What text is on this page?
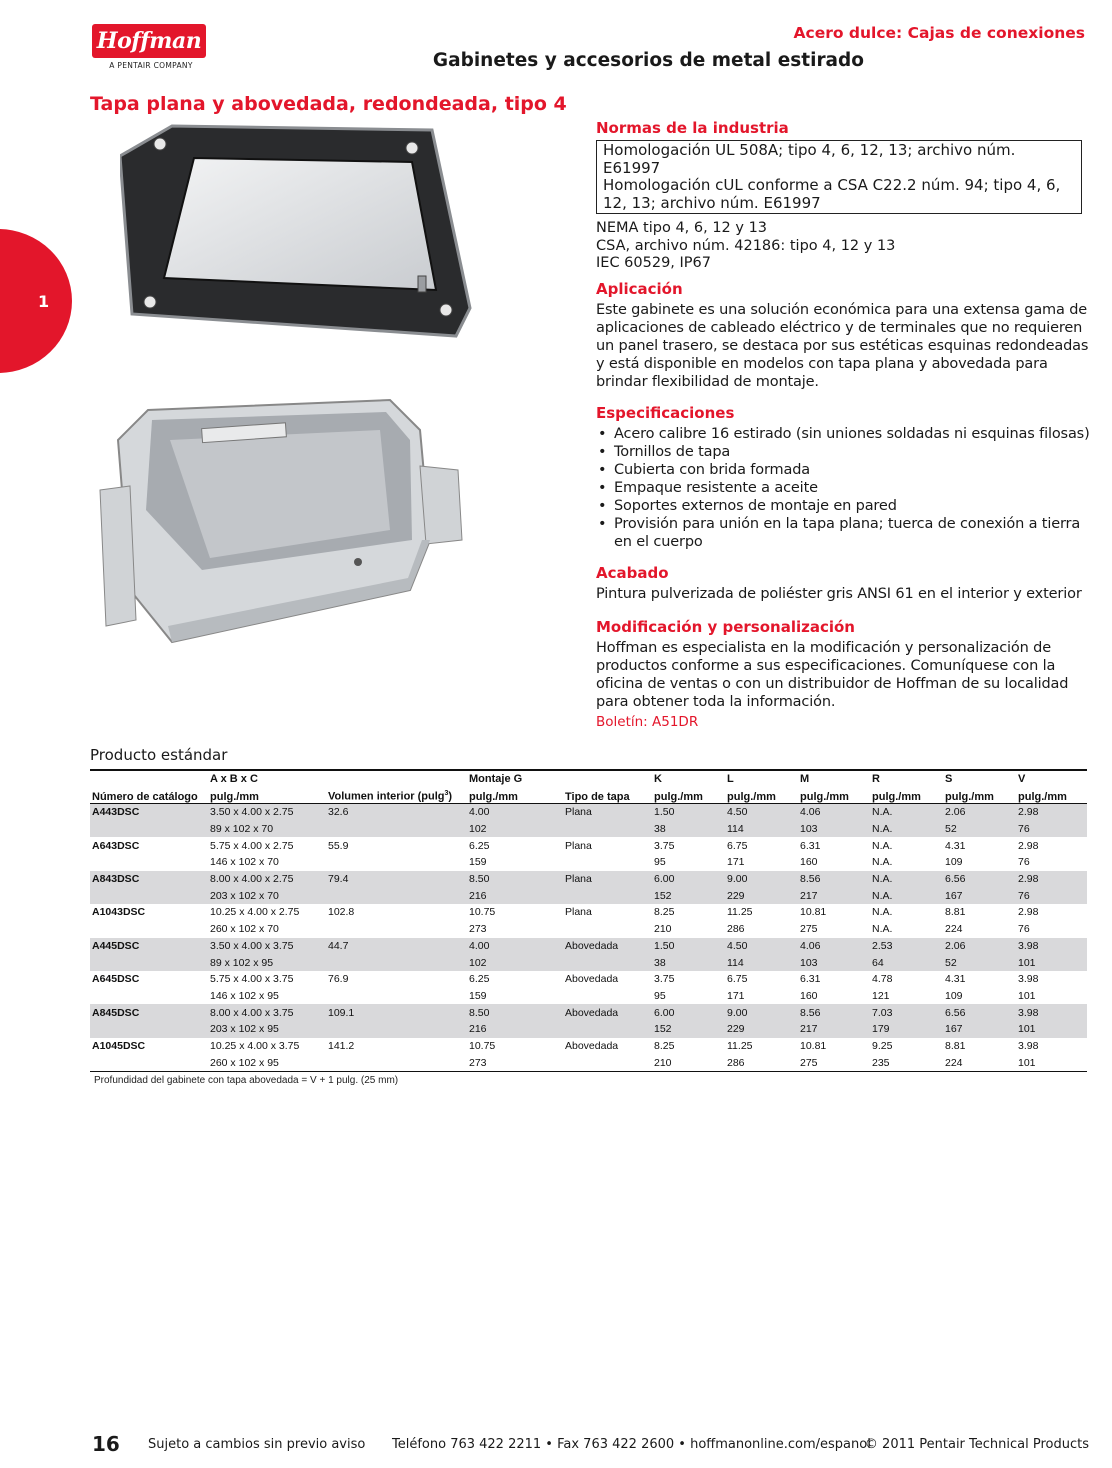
Hoffman
A PENTAIR COMPANY
Acero dulce: Cajas de conexiones
Gabinetes y accesorios de metal estirado
1
Tapa plana y abovedada, redondeada, tipo 4
Normas de la industria
Homologación UL 508A; tipo 4, 6, 12, 13; archivo núm. E61997
Homologación cUL conforme a CSA C22.2 núm. 94; tipo 4, 6,
12, 13; archivo núm. E61997
NEMA tipo 4, 6, 12 y 13
CSA, archivo núm. 42186: tipo 4, 12 y 13
IEC 60529, IP67
Aplicación
Este gabinete es una solución económica para una extensa gama de aplicaciones de cableado eléctrico y de terminales que no requieren un panel trasero, se destaca por sus estéticas esquinas redondeadas y está disponible en modelos con tapa plana y abovedada para brindar flexibilidad de montaje.
Especificaciones
• Acero calibre 16 estirado (sin uniones soldadas ni esquinas filosas)
• Tornillos de tapa
• Cubierta con brida formada
• Empaque resistente a aceite
• Soportes externos de montaje en pared
• Provisión para unión en la tapa plana; tuerca de conexión a tierra en el cuerpo
Acabado
Pintura pulverizada de poliéster gris ANSI 61 en el interior y exterior
Modificación y personalización
Hoffman es especialista en la modificación y personalización de productos conforme a sus especificaciones. Comuníquese con la oficina de ventas o con un distribuidor de Hoffman de su localidad para obtener toda la información.
Boletín: A51DR
Producto estándar
	A x B x C		Montaje G		K	L	M	R	S	V
Número de catálogo	pulg./mm	Volumen interior (pulg$^3$)	pulg./mm	Tipo de tapa	pulg./mm	pulg./mm	pulg./mm	pulg./mm	pulg./mm	pulg./mm
A443DSC	3.50 x 4.00 x 2.75	32.6	4.00	Plana	1.50	4.50	4.06	N.A.	2.06	2.98
	89 x 102 x 70		102		38	114	103	N.A.	52	76
A643DSC	5.75 x 4.00 x 2.75	55.9	6.25	Plana	3.75	6.75	6.31	N.A.	4.31	2.98
	146 x 102 x 70		159		95	171	160	N.A.	109	76
A843DSC	8.00 x 4.00 x 2.75	79.4	8.50	Plana	6.00	9.00	8.56	N.A.	6.56	2.98
	203 x 102 x 70		216		152	229	217	N.A.	167	76
A1043DSC	10.25 x 4.00 x 2.75	102.8	10.75	Plana	8.25	11.25	10.81	N.A.	8.81	2.98
	260 x 102 x 70		273		210	286	275	N.A.	224	76
A445DSC	3.50 x 4.00 x 3.75	44.7	4.00	Abovedada	1.50	4.50	4.06	2.53	2.06	3.98
	89 x 102 x 95		102		38	114	103	64	52	101
A645DSC	5.75 x 4.00 x 3.75	76.9	6.25	Abovedada	3.75	6.75	6.31	4.78	4.31	3.98
	146 x 102 x 95		159		95	171	160	121	109	101
A845DSC	8.00 x 4.00 x 3.75	109.1	8.50	Abovedada	6.00	9.00	8.56	7.03	6.56	3.98
	203 x 102 x 95		216		152	229	217	179	167	101
A1045DSC	10.25 x 4.00 x 3.75	141.2	10.75	Abovedada	8.25	11.25	10.81	9.25	8.81	3.98
	260 x 102 x 95		273		210	286	275	235	224	101
Profundidad del gabinete con tapa abovedada = V + 1 pulg. (25 mm)
16 Sujeto a cambios sin previo aviso Teléfono 763 422 2211 • Fax 763 422 2600 • hoffmanonline.com/espanol
© 2011 Pentair Technical Products
